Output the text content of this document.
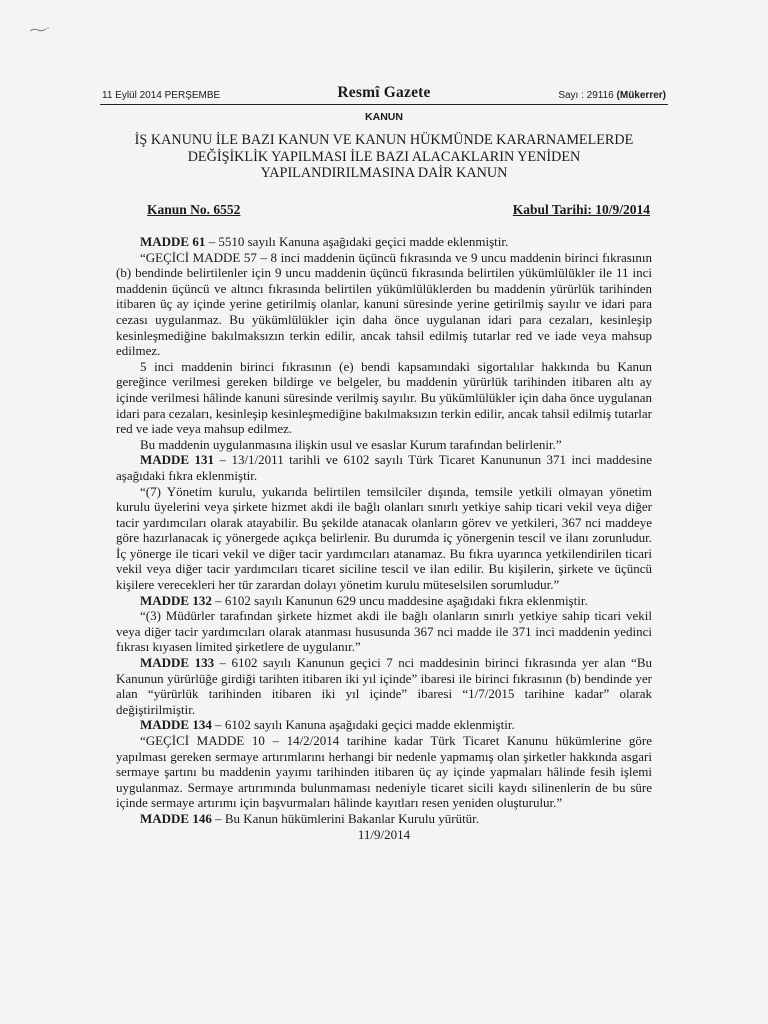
11 Eylül 2014 PERŞEMBE	Resmî Gazete	Sayı : 29116 (Mükerrer)
KANUN
İŞ KANUNU İLE BAZI KANUN VE KANUN HÜKMÜNDE KARARNAMELERDE
DEĞİŞİKLİK YAPILMASI İLE BAZI ALACAKLARIN YENİDEN
YAPILANDIRILMASINA DAİR KANUN
Kanun No. 6552	Kabul Tarihi: 10/9/2014

MADDE 61 – 5510 sayılı Kanuna aşağıdaki geçici madde eklenmiştir.

“GEÇİCİ MADDE 57 – 8 inci maddenin üçüncü fıkrasında ve 9 uncu maddenin birinci fıkrasının (b) bendinde belirtilenler için 9 uncu maddenin üçüncü fıkrasında belirtilen yükümlülükler ile 11 inci maddenin üçüncü ve altıncı fıkrasında belirtilen yükümlülüklerden bu maddenin yürürlük tarihinden itibaren üç ay içinde yerine getirilmiş olanlar, kanuni süresinde yerine getirilmiş sayılır ve idari para cezası uygulanmaz. Bu yükümlülükler için daha önce uygulanan idari para cezaları, kesinleşip kesinleşmediğine bakılmaksızın terkin edilir, ancak tahsil edilmiş tutarlar red ve iade veya mahsup edilmez.

5 inci maddenin birinci fıkrasının (e) bendi kapsamındaki sigortalılar hakkında bu Kanun gereğince verilmesi gereken bildirge ve belgeler, bu maddenin yürürlük tarihinden itibaren altı ay içinde verilmesi hâlinde kanuni süresinde verilmiş sayılır. Bu yükümlülükler için daha önce uygulanan idari para cezaları, kesinleşip kesinleşmediğine bakılmaksızın terkin edilir, ancak tahsil edilmiş tutarlar red ve iade veya mahsup edilmez.

Bu maddenin uygulanmasına ilişkin usul ve esaslar Kurum tarafından belirlenir.”

MADDE 131 – 13/1/2011 tarihli ve 6102 sayılı Türk Ticaret Kanununun 371 inci maddesine aşağıdaki fıkra eklenmiştir.

“(7) Yönetim kurulu, yukarıda belirtilen temsilciler dışında, temsile yetkili olmayan yönetim kurulu üyelerini veya şirkete hizmet akdi ile bağlı olanları sınırlı yetkiye sahip ticari vekil veya diğer tacir yardımcıları olarak atayabilir. Bu şekilde atanacak olanların görev ve yetkileri, 367 nci maddeye göre hazırlanacak iç yönergede açıkça belirlenir. Bu durumda iç yönergenin tescil ve ilanı zorunludur. İç yönerge ile ticari vekil ve diğer tacir yardımcıları atanamaz. Bu fıkra uyarınca yetkilendirilen ticari vekil veya diğer tacir yardımcıları ticaret siciline tescil ve ilan edilir. Bu kişilerin, şirkete ve üçüncü kişilere verecekleri her tür zarardan dolayı yönetim kurulu müteselsilen sorumludur.”

MADDE 132 – 6102 sayılı Kanunun 629 uncu maddesine aşağıdaki fıkra eklenmiştir.

“(3) Müdürler tarafından şirkete hizmet akdi ile bağlı olanların sınırlı yetkiye sahip ticari vekil veya diğer tacir yardımcıları olarak atanması hususunda 367 nci madde ile 371 inci maddenin yedinci fıkrası kıyasen limited şirketlere de uygulanır.”

MADDE 133 – 6102 sayılı Kanunun geçici 7 nci maddesinin birinci fıkrasında yer alan “Bu Kanunun yürürlüğe girdiği tarihten itibaren iki yıl içinde” ibaresi ile birinci fıkrasının (b) bendinde yer alan “yürürlük tarihinden itibaren iki yıl içinde” ibaresi “1/7/2015 tarihine kadar” olarak değiştirilmiştir.

MADDE 134 – 6102 sayılı Kanuna aşağıdaki geçici madde eklenmiştir.

“GEÇİCİ MADDE 10 – 14/2/2014 tarihine kadar Türk Ticaret Kanunu hükümlerine göre yapılması gereken sermaye artırımlarını herhangi bir nedenle yapmamış olan şirketler hakkında asgari sermaye şartını bu maddenin yayımı tarihinden itibaren üç ay içinde yapmaları hâlinde fesih işlemi uygulanmaz. Sermaye artırımında bulunmaması nedeniyle ticaret sicili kaydı silinenlerin de bu süre içinde sermaye artırımı için başvurmaları hâlinde kayıtları resen yeniden oluşturulur.”

MADDE 146 – Bu Kanun hükümlerini Bakanlar Kurulu yürütür.

11/9/2014
